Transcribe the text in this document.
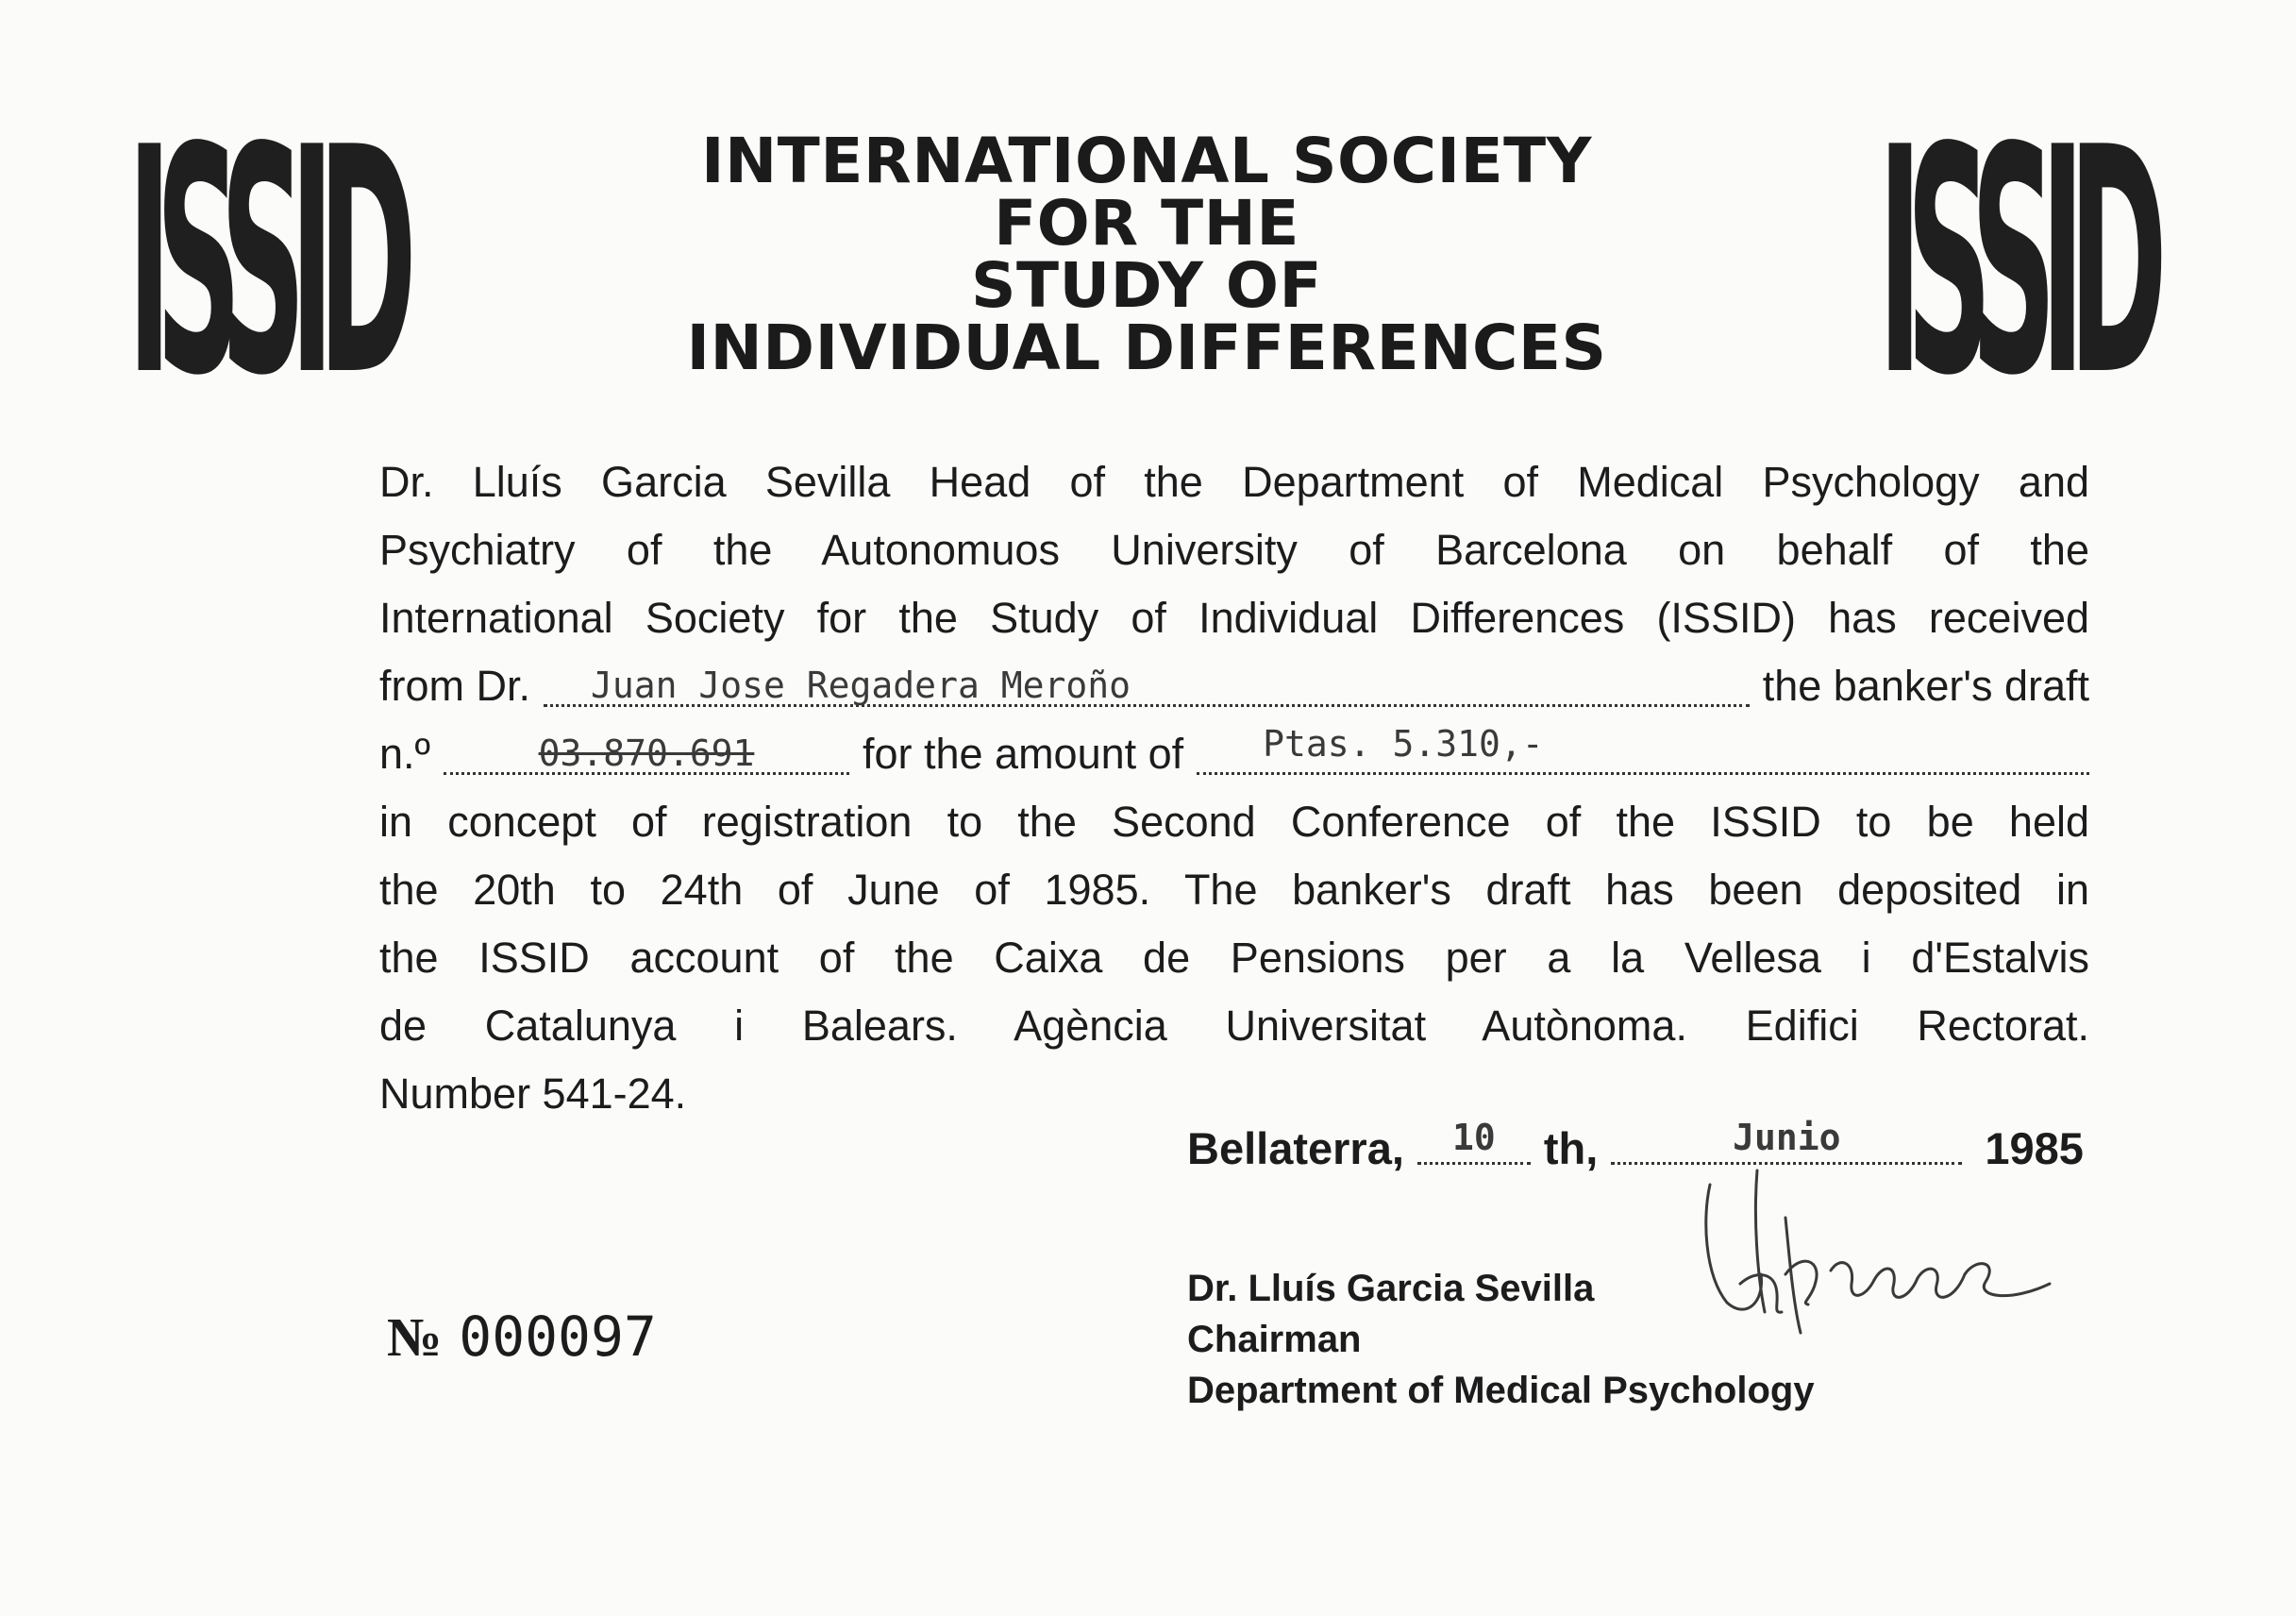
ISSID	ISSID
INTERNATIONAL SOCIETY
FOR THE
STUDY OF
INDIVIDUAL DIFFERENCES
Dr. Lluís Garcia Sevilla Head of the Department of Medical Psychology and
Psychiatry of the Autonomuos University of Barcelona on behalf of the
International Society for the Study of Individual Differences (ISSID) has received
from Dr.	Juan Jose Regadera Meroño	the banker's draft
n.º	03.870.691	for the amount of	Ptas. 5.310,-
in concept of registration to the Second Conference of the ISSID to be held
the 20th to 24th of June of 1985. The banker's draft has been deposited in
the ISSID account of the Caixa de Pensions per a la Vellesa i d'Estalvis
de Catalunya i Balears. Agència Universitat Autònoma. Edifici Rectorat.
Number 541-24.
Bellaterra,	10	th,	Junio	1985
№ 000097
Dr. Lluís Garcia Sevilla
Chairman
Department of Medical Psychology
